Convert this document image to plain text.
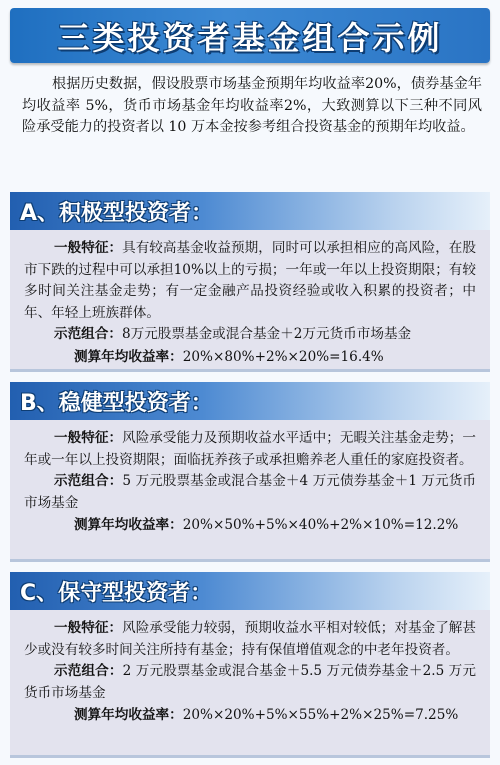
三类投资者基金组合示例
根据历史数据，假设股票市场基金预期年均收益率20%，债券基金年均收益率 5%，货币市场基金年均收益率2%，大致测算以下三种不同风险承受能力的投资者以 10 万本金按参考组合投资基金的预期年均收益。
A、积极型投资者：
一般特征：具有较高基金收益预期，同时可以承担相应的高风险，在股市下跌的过程中可以承担10%以上的亏损；一年或一年以上投资期限；有较多时间关注基金走势；有一定金融产品投资经验或收入积累的投资者；中年、年轻上班族群体。
示范组合：8万元股票基金或混合基金＋2万元货币市场基金
测算年均收益率：20%×80%+2%×20%=16.4%
B、稳健型投资者：
一般特征：风险承受能力及预期收益水平适中；无暇关注基金走势；一年或一年以上投资期限；面临抚养孩子或承担赡养老人重任的家庭投资者。
示范组合：5 万元股票基金或混合基金＋4 万元债券基金＋1 万元货币市场基金
测算年均收益率：20%×50%+5%×40%+2%×10%=12.2%
C、保守型投资者：
一般特征：风险承受能力较弱，预期收益水平相对较低；对基金了解甚少或没有较多时间关注所持有基金；持有保值增值观念的中老年投资者。
示范组合：2 万元股票基金或混合基金＋5.5 万元债券基金＋2.5 万元货币市场基金
测算年均收益率：20%×20%+5%×55%+2%×25%=7.25%
